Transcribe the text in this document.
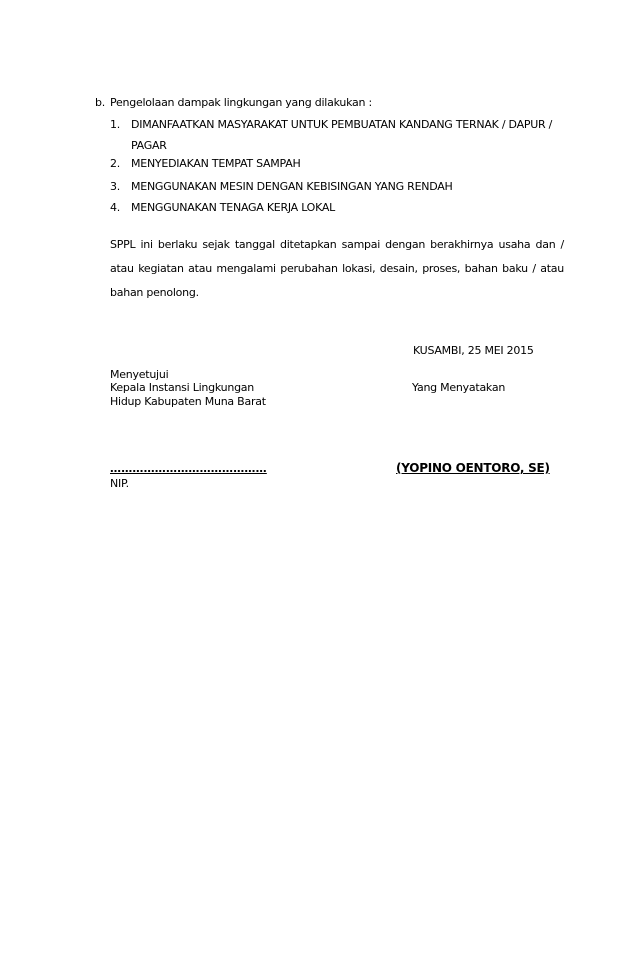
b. Pengelolaan dampak lingkungan yang dilakukan :
1. DIMANFAATKAN MASYARAKAT UNTUK PEMBUATAN KANDANG TERNAK / DAPUR /
PAGAR
2. MENYEDIAKAN TEMPAT SAMPAH
3. MENGGUNAKAN MESIN DENGAN KEBISINGAN YANG RENDAH
4. MENGGUNAKAN TENAGA KERJA LOKAL

SPPL ini berlaku sejak tanggal ditetapkan sampai dengan berakhirnya usaha dan / atau kegiatan atau mengalami perubahan lokasi, desain, proses, bahan baku / atau bahan penolong.

KUSAMBI, 25 MEI 2015
Menyetujui
Kepala Instansi Lingkungan
Hidup Kabupaten Muna Barat
Yang Menyatakan
……………………………………	(YOPINO OENTORO, SE)
NIP.
